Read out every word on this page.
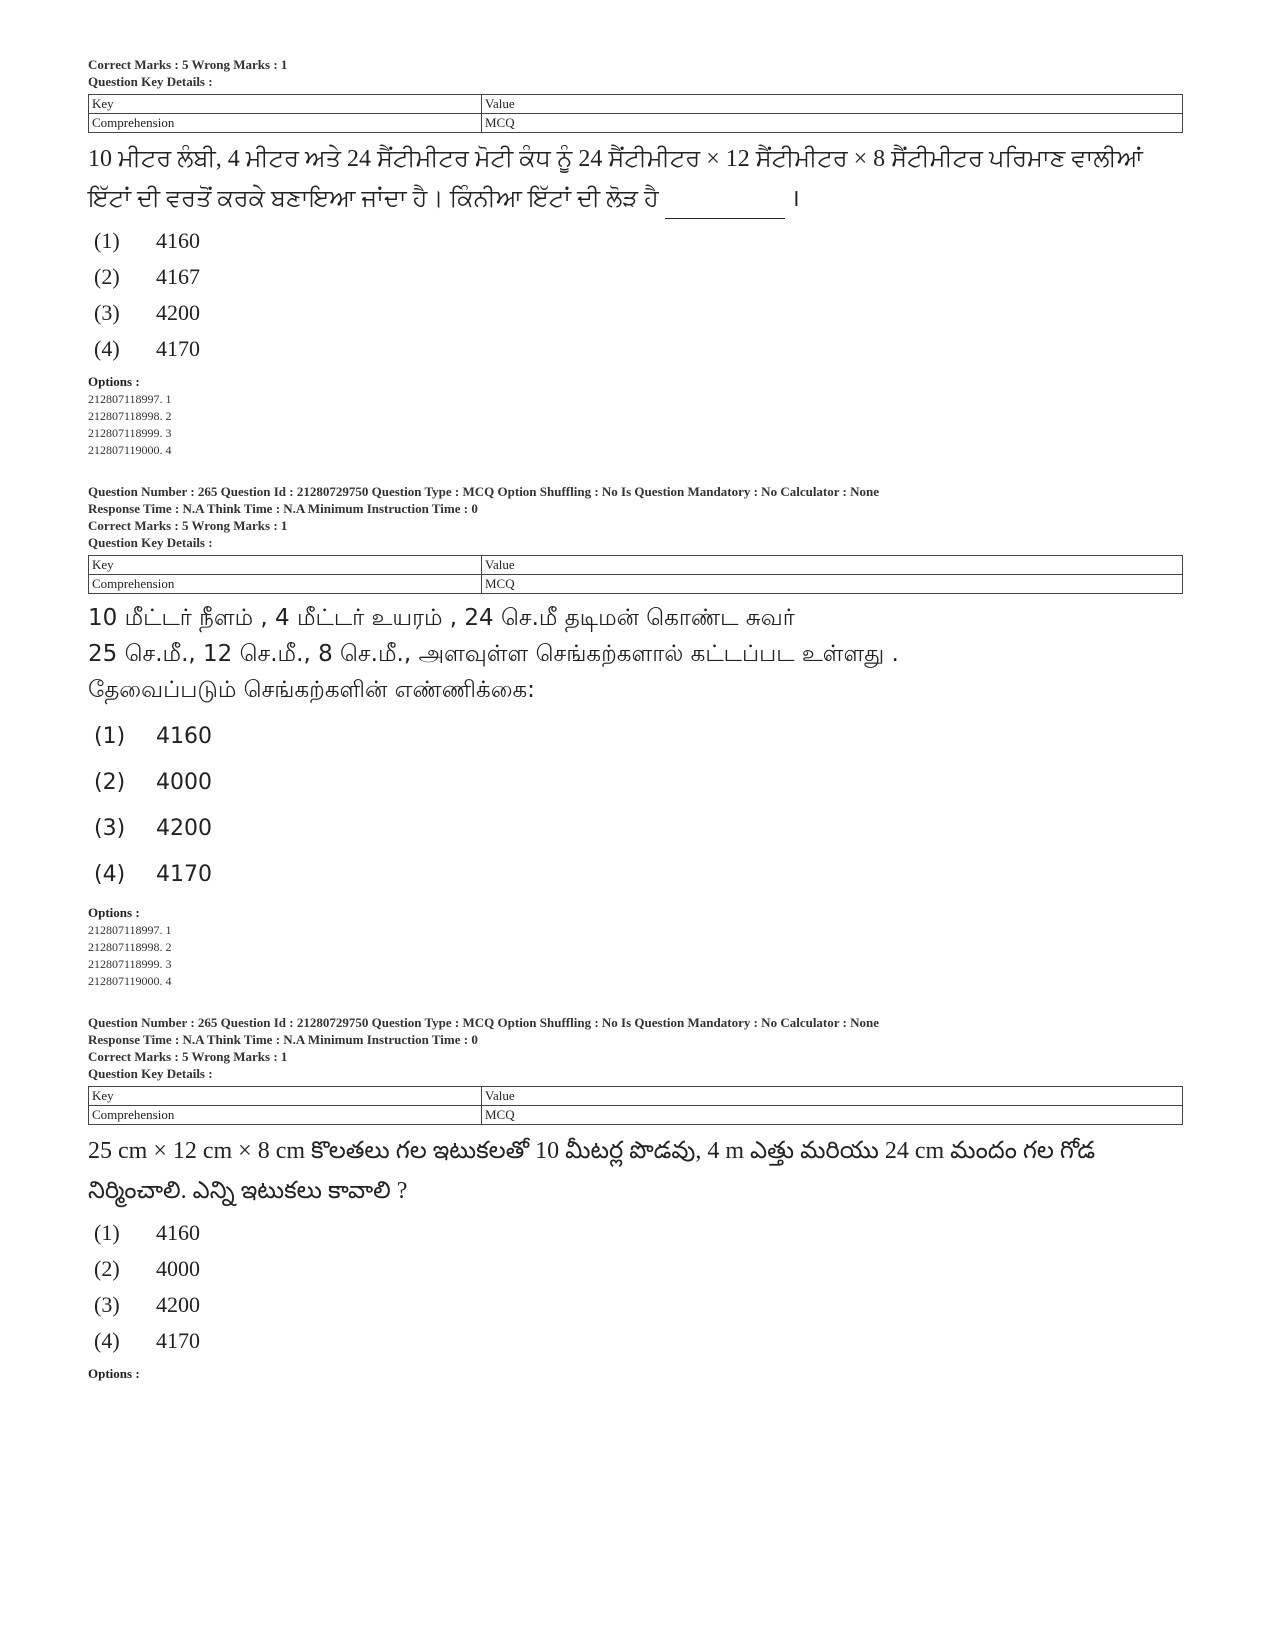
Correct Marks : 5 Wrong Marks : 1
Question Key Details :
Key	Value
Comprehension	MCQ
10 ਮੀਟਰ ਲੰਬੀ, 4 ਮੀਟਰ ਅਤੇ 24 ਸੈਂਟੀਮੀਟਰ ਮੋਟੀ ਕੰਧ ਨੂੰ 24 ਸੈਂਟੀਮੀਟਰ × 12 ਸੈਂਟੀਮੀਟਰ × 8 ਸੈਂਟੀਮੀਟਰ ਪਰਿਮਾਣ ਵਾਲੀਆਂ ਇੱਟਾਂ ਦੀ ਵਰਤੋਂ ਕਰਕੇ ਬਣਾਇਆ ਜਾਂਦਾ ਹੈ। ਕਿੰਨੀਆ ਇੱਟਾਂ ਦੀ ਲੋੜ ਹੈ	।
(1)	4160
(2)	4167
(3)	4200
(4)	4170
Options :
212807118997. 1
212807118998. 2
212807118999. 3
212807119000. 4
Question Number : 265 Question Id : 21280729750 Question Type : MCQ Option Shuffling : No Is Question Mandatory : No Calculator : None
Response Time : N.A Think Time : N.A Minimum Instruction Time : 0
Correct Marks : 5 Wrong Marks : 1
Question Key Details :
Key	Value
Comprehension	MCQ
10 மீட்டர் நீளம் , 4 மீட்டர் உயரம் , 24 செ.மீ தடிமன் கொண்ட சுவர்
25 செ.மீ., 12 செ.மீ., 8 செ.மீ., அளவுள்ள செங்கற்களால் கட்டப்பட உள்ளது .
தேவைப்படும் செங்கற்களின் எண்ணிக்கை:
(1)	4160
(2)	4000
(3)	4200
(4)	4170
Options :
212807118997. 1
212807118998. 2
212807118999. 3
212807119000. 4
Question Number : 265 Question Id : 21280729750 Question Type : MCQ Option Shuffling : No Is Question Mandatory : No Calculator : None
Response Time : N.A Think Time : N.A Minimum Instruction Time : 0
Correct Marks : 5 Wrong Marks : 1
Question Key Details :
Key	Value
Comprehension	MCQ
25 cm × 12 cm × 8 cm కొలతలు గల ఇటుకలతో 10 మీటర్ల పొడవు, 4 m ఎత్తు మరియు 24 cm మందం గల గోడ
నిర్మించాలి. ఎన్ని ఇటుకలు కావాలి ?
(1)	4160
(2)	4000
(3)	4200
(4)	4170
Options :
